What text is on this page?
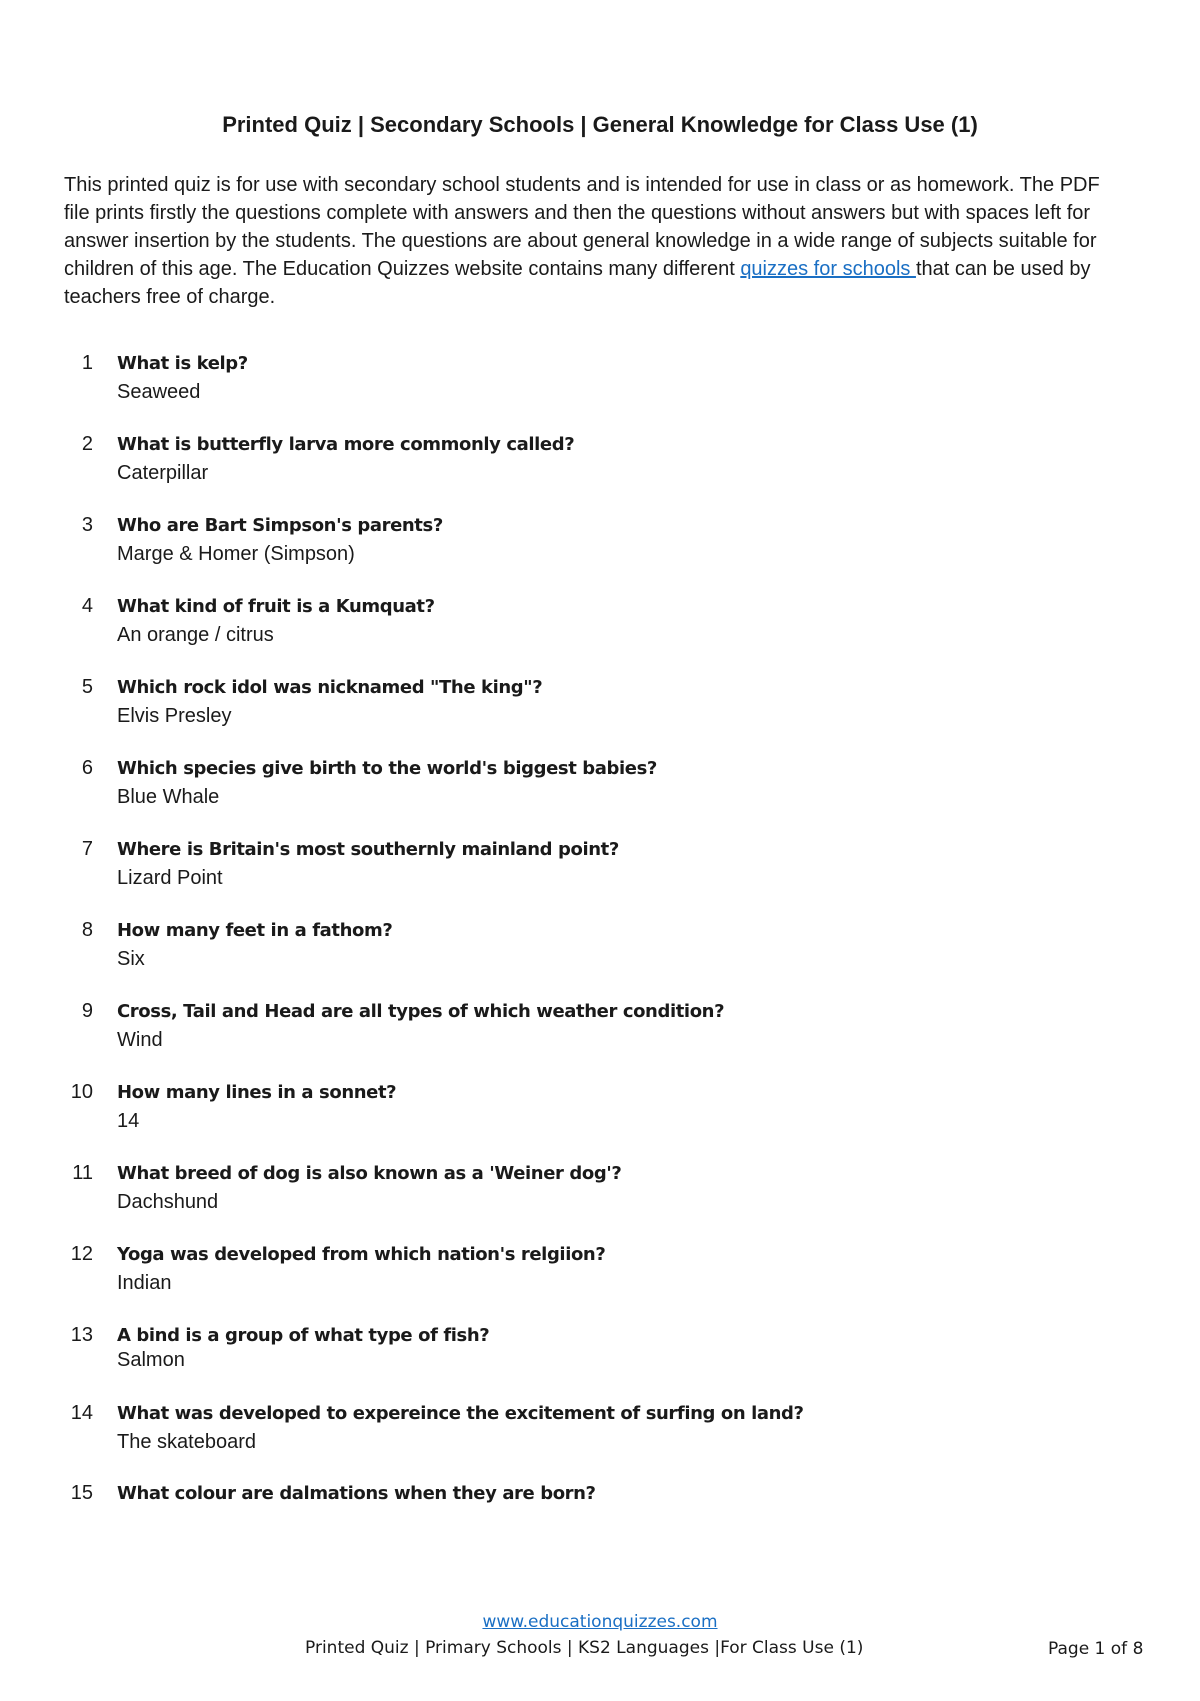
Printed Quiz | Secondary Schools | General Knowledge for Class Use (1)

This printed quiz is for use with secondary school students and is intended for use in class or as homework. The PDF file prints firstly the questions complete with answers and then the questions without answers but with spaces left for answer insertion by the students. The questions are about general knowledge in a wide range of subjects suitable for children of this age. The Education Quizzes website contains many different quizzes for schools that can be used by teachers free of charge.

1 What is kelp?
Seaweed
2 What is butterfly larva more commonly called?
Caterpillar
3 Who are Bart Simpson's parents?
Marge & Homer (Simpson)
4 What kind of fruit is a Kumquat?
An orange / citrus
5 Which rock idol was nicknamed "The king"?
Elvis Presley
6 Which species give birth to the world's biggest babies?
Blue Whale
7 Where is Britain's most southernly mainland point?
Lizard Point
8 How many feet in a fathom?
Six
9 Cross, Tail and Head are all types of which weather condition?
Wind
10 How many lines in a sonnet?
14
11 What breed of dog is also known as a 'Weiner dog'?
Dachshund
12 Yoga was developed from which nation's relgiion?
Indian
13 A bind is a group of what type of fish?
Salmon
14 What was developed to expereince the excitement of surfing on land?
The skateboard
15 What colour are dalmations when they are born?
www.educationquizzes.com
Printed Quiz | Primary Schools | KS2 Languages |For Class Use (1)	Page 1 of 8
